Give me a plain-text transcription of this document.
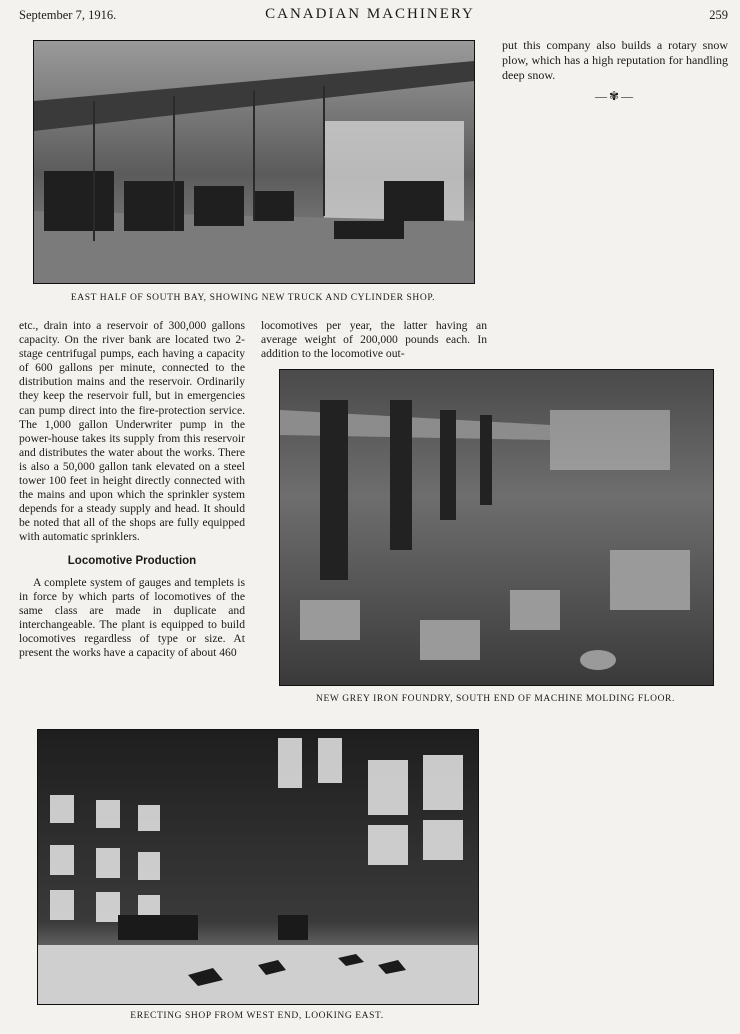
September 7, 1916.	CANADIAN MACHINERY	259

put this company also builds a rotary snow plow, which has a high reputation for handling deep snow.

—✾—
EAST HALF OF SOUTH BAY, SHOWING NEW TRUCK AND CYLINDER SHOP.

etc., drain into a reservoir of 300,000 gallons capacity. On the river bank are located two 2-stage centrifugal pumps, each having a capacity of 600 gallons per minute, connected to the distribution mains and the reservoir. Ordinarily they keep the reservoir full, but in emergencies can pump direct into the fire-protection service. The 1,000 gallon Underwriter pump in the power-house takes its supply from this reservoir and distributes the water about the works. There is also a 50,000 gallon tank elevated on a steel tower 100 feet in height directly connected with the mains and upon which the sprinkler system depends for a steady supply and head. It should be noted that all of the shops are fully equipped with automatic sprinklers.

Locomotive Production

A complete system of gauges and templets is in force by which parts of locomotives of the same class are made in duplicate and interchangeable. The plant is equipped to build locomotives regardless of type or size. At present the works have a capacity of about 460

locomotives per year, the latter having an average weight of 200,000 pounds each. In addition to the locomotive out-

NEW GREY IRON FOUNDRY, SOUTH END OF MACHINE MOLDING FLOOR.
ERECTING SHOP FROM WEST END, LOOKING EAST.
